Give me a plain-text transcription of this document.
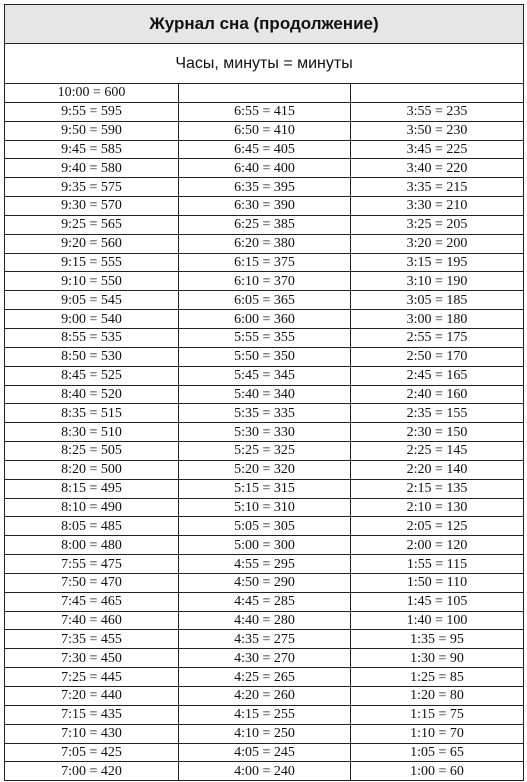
Журнал сна (продолжение)		
Часы, минуты = минуты		
10:00 = 600		
9:55 = 595	6:55 = 415	3:55 = 235
9:50 = 590	6:50 = 410	3:50 = 230
9:45 = 585	6:45 = 405	3:45 = 225
9:40 = 580	6:40 = 400	3:40 = 220
9:35 = 575	6:35 = 395	3:35 = 215
9:30 = 570	6:30 = 390	3:30 = 210
9:25 = 565	6:25 = 385	3:25 = 205
9:20 = 560	6:20 = 380	3:20 = 200
9:15 = 555	6:15 = 375	3:15 = 195
9:10 = 550	6:10 = 370	3:10 = 190
9:05 = 545	6:05 = 365	3:05 = 185
9:00 = 540	6:00 = 360	3:00 = 180
8:55 = 535	5:55 = 355	2:55 = 175
8:50 = 530	5:50 = 350	2:50 = 170
8:45 = 525	5:45 = 345	2:45 = 165
8:40 = 520	5:40 = 340	2:40 = 160
8:35 = 515	5:35 = 335	2:35 = 155
8:30 = 510	5:30 = 330	2:30 = 150
8:25 = 505	5:25 = 325	2:25 = 145
8:20 = 500	5:20 = 320	2:20 = 140
8:15 = 495	5:15 = 315	2:15 = 135
8:10 = 490	5:10 = 310	2:10 = 130
8:05 = 485	5:05 = 305	2:05 = 125
8:00 = 480	5:00 = 300	2:00 = 120
7:55 = 475	4:55 = 295	1:55 = 115
7:50 = 470	4:50 = 290	1:50 = 110
7:45 = 465	4:45 = 285	1:45 = 105
7:40 = 460	4:40 = 280	1:40 = 100
7:35 = 455	4:35 = 275	1:35 = 95
7:30 = 450	4:30 = 270	1:30 = 90
7:25 = 445	4:25 = 265	1:25 = 85
7:20 = 440	4:20 = 260	1:20 = 80
7:15 = 435	4:15 = 255	1:15 = 75
7:10 = 430	4:10 = 250	1:10 = 70
7:05 = 425	4:05 = 245	1:05 = 65
7:00 = 420	4:00 = 240	1:00 = 60
